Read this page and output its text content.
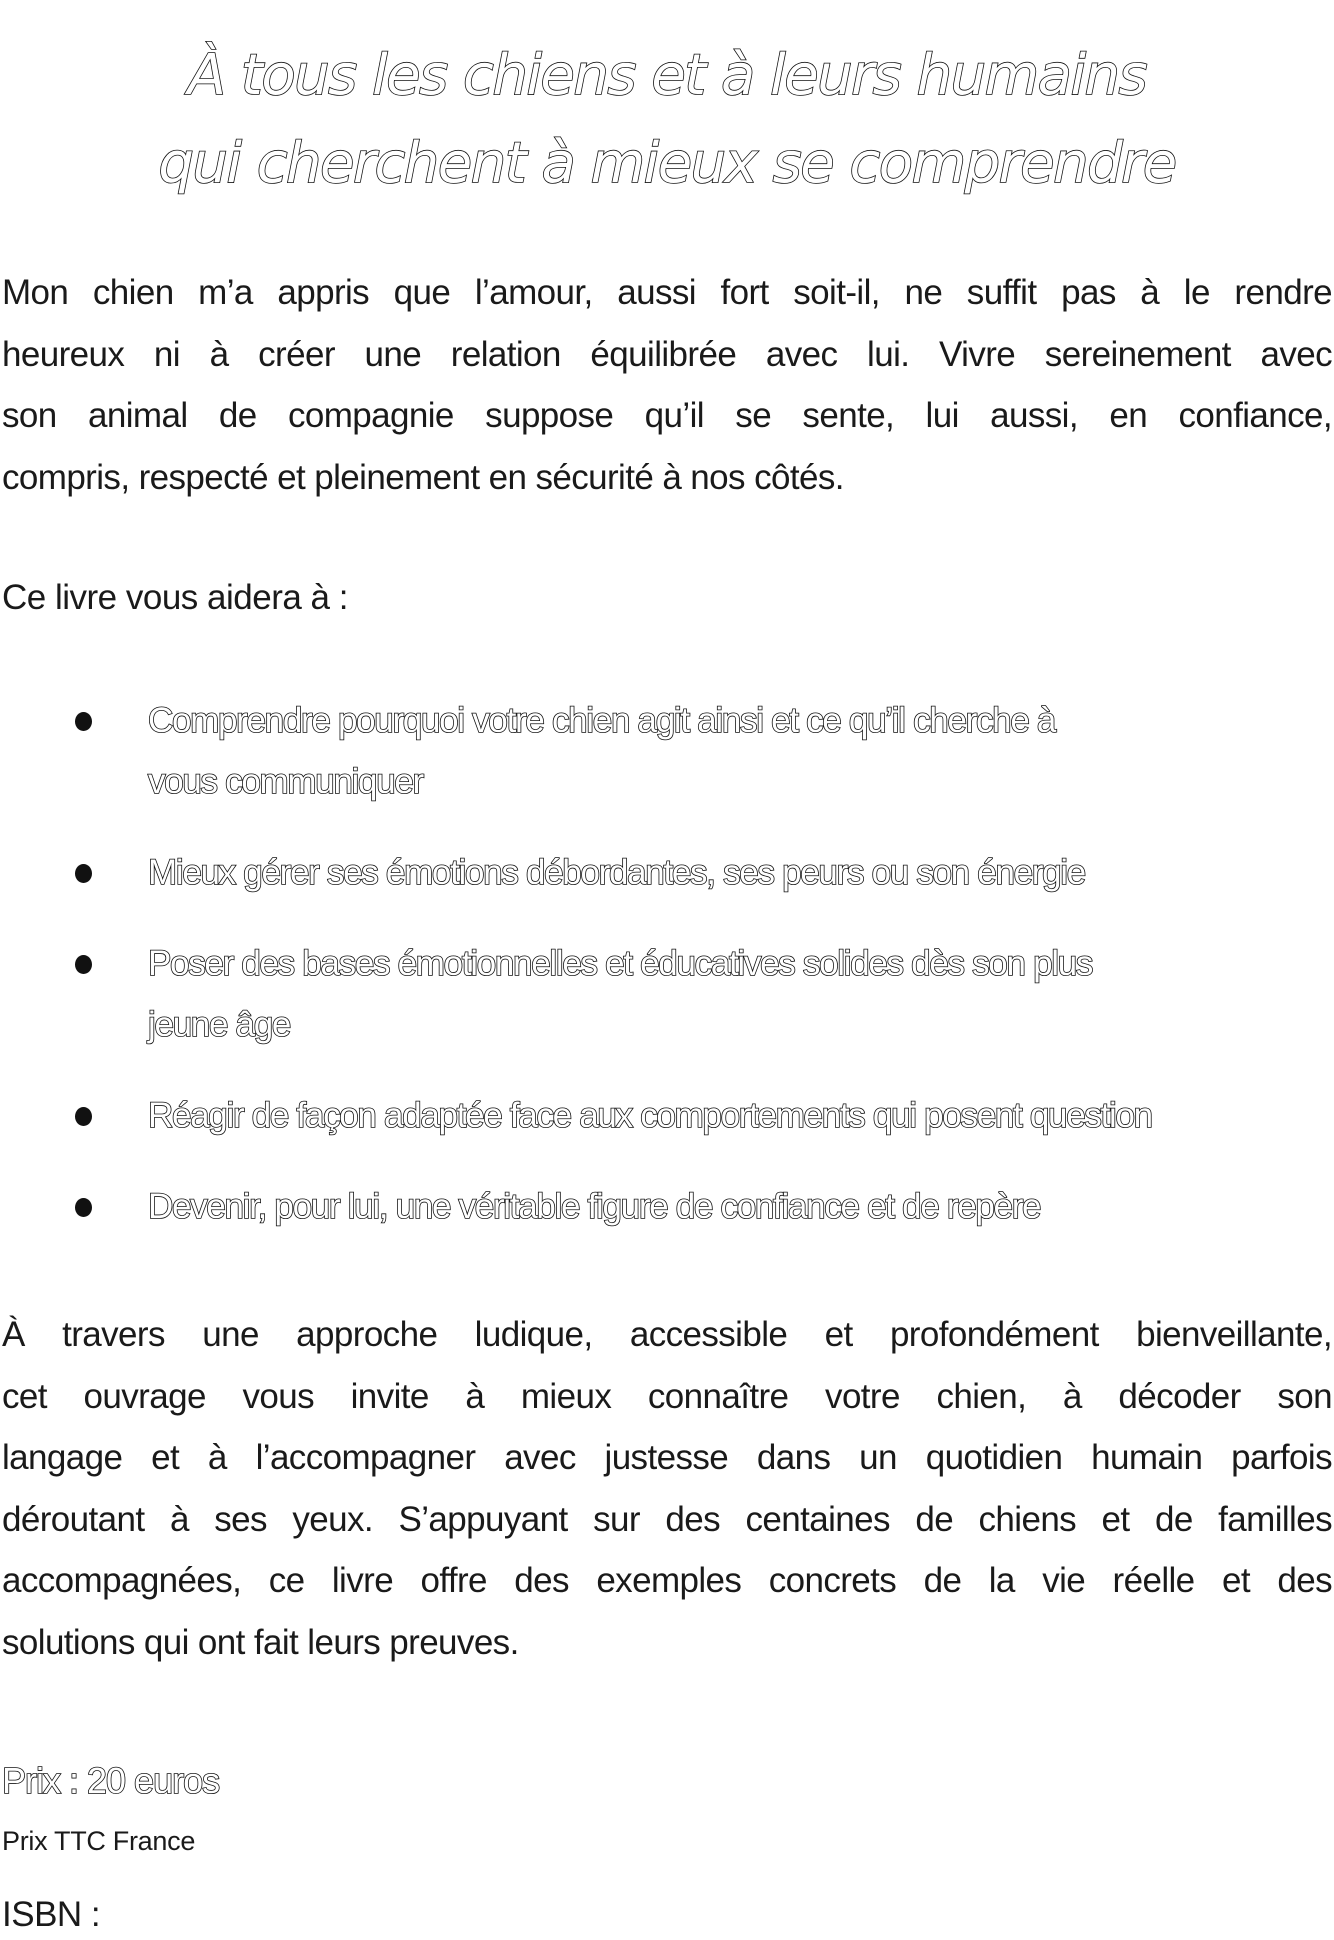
À tous les chiens et à leurs humains
qui cherchent à mieux se comprendre

Mon chien m’a appris que l’amour, aussi fort soit-il, ne suffit pas à le rendre
heureux ni à créer une relation équilibrée avec lui. Vivre sereinement avec
son animal de compagnie suppose qu’il se sente, lui aussi, en confiance,
compris, respecté et pleinement en sécurité à nos côtés.

Ce livre vous aidera à :

Comprendre pourquoi votre chien agit ainsi et ce qu’il cherche à
vous communiquer
Mieux gérer ses émotions débordantes, ses peurs ou son énergie
Poser des bases émotionnelles et éducatives solides dès son plus
jeune âge
Réagir de façon adaptée face aux comportements qui posent question
Devenir, pour lui, une véritable figure de confiance et de repère

À travers une approche ludique, accessible et profondément bienveillante,
cet ouvrage vous invite à mieux connaître votre chien, à décoder son
langage et à l’accompagner avec justesse dans un quotidien humain parfois
déroutant à ses yeux. S’appuyant sur des centaines de chiens et de familles
accompagnées, ce livre offre des exemples concrets de la vie réelle et des
solutions qui ont fait leurs preuves.

Prix : 20 euros

Prix TTC France

ISBN :
